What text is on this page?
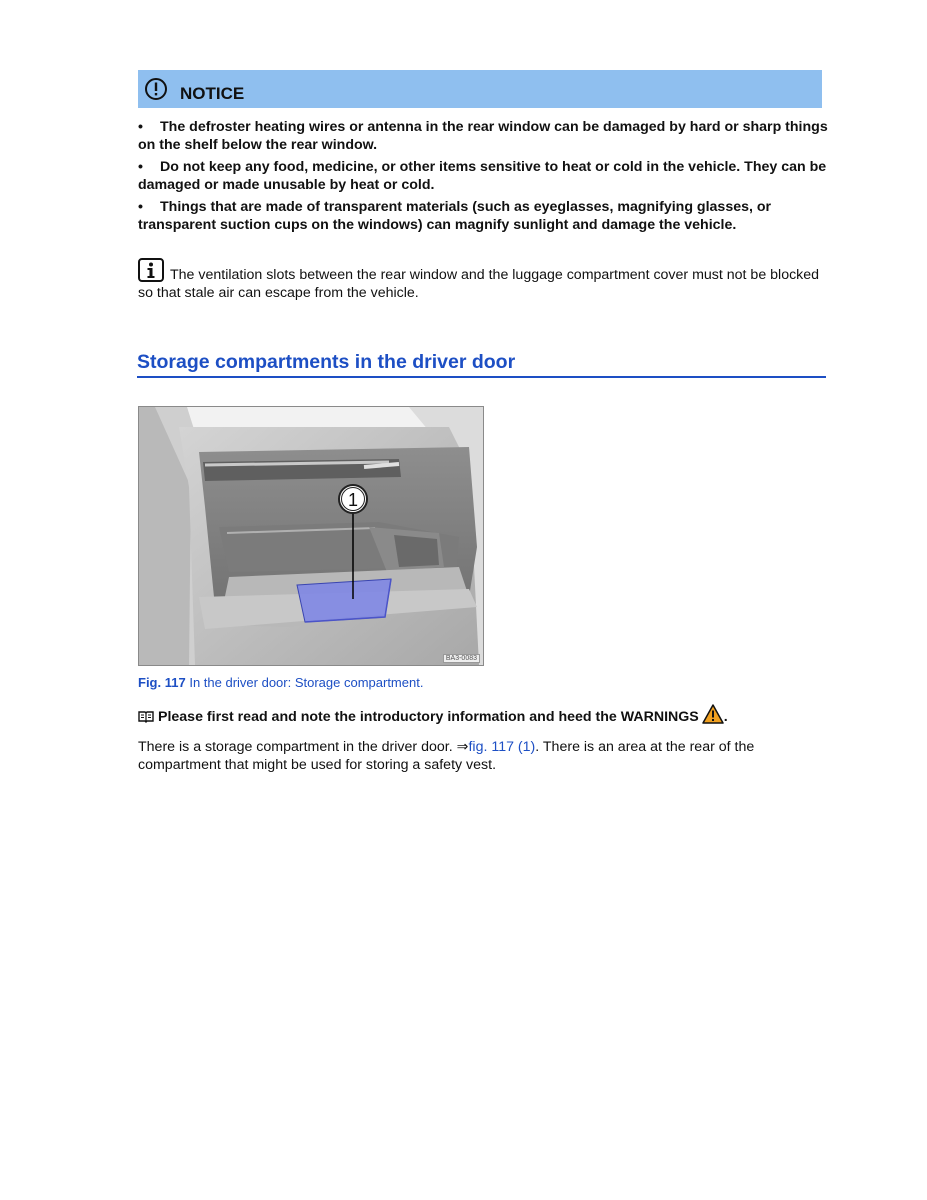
NOTICE
• The defroster heating wires or antenna in the rear window can be damaged by hard or sharp things on the shelf below the rear window.
• Do not keep any food, medicine, or other items sensitive to heat or cold in the vehicle. They can be damaged or made unusable by heat or cold.
• Things that are made of transparent materials (such as eyeglasses, magnifying glasses, or transparent suction cups on the windows) can magnify sunlight and damage the vehicle.
The ventilation slots between the rear window and the luggage compartment cover must not be blocked so that stale air can escape from the vehicle.
Storage compartments in the driver door
1
BA3-0083
Fig. 117 In the driver door: Storage compartment.
Please first read and note the introductory information and heed the WARNINGS .
There is a storage compartment in the driver door. ⇒fig. 117 (1). There is an area at the rear of the compartment that might be used for storing a safety vest.
